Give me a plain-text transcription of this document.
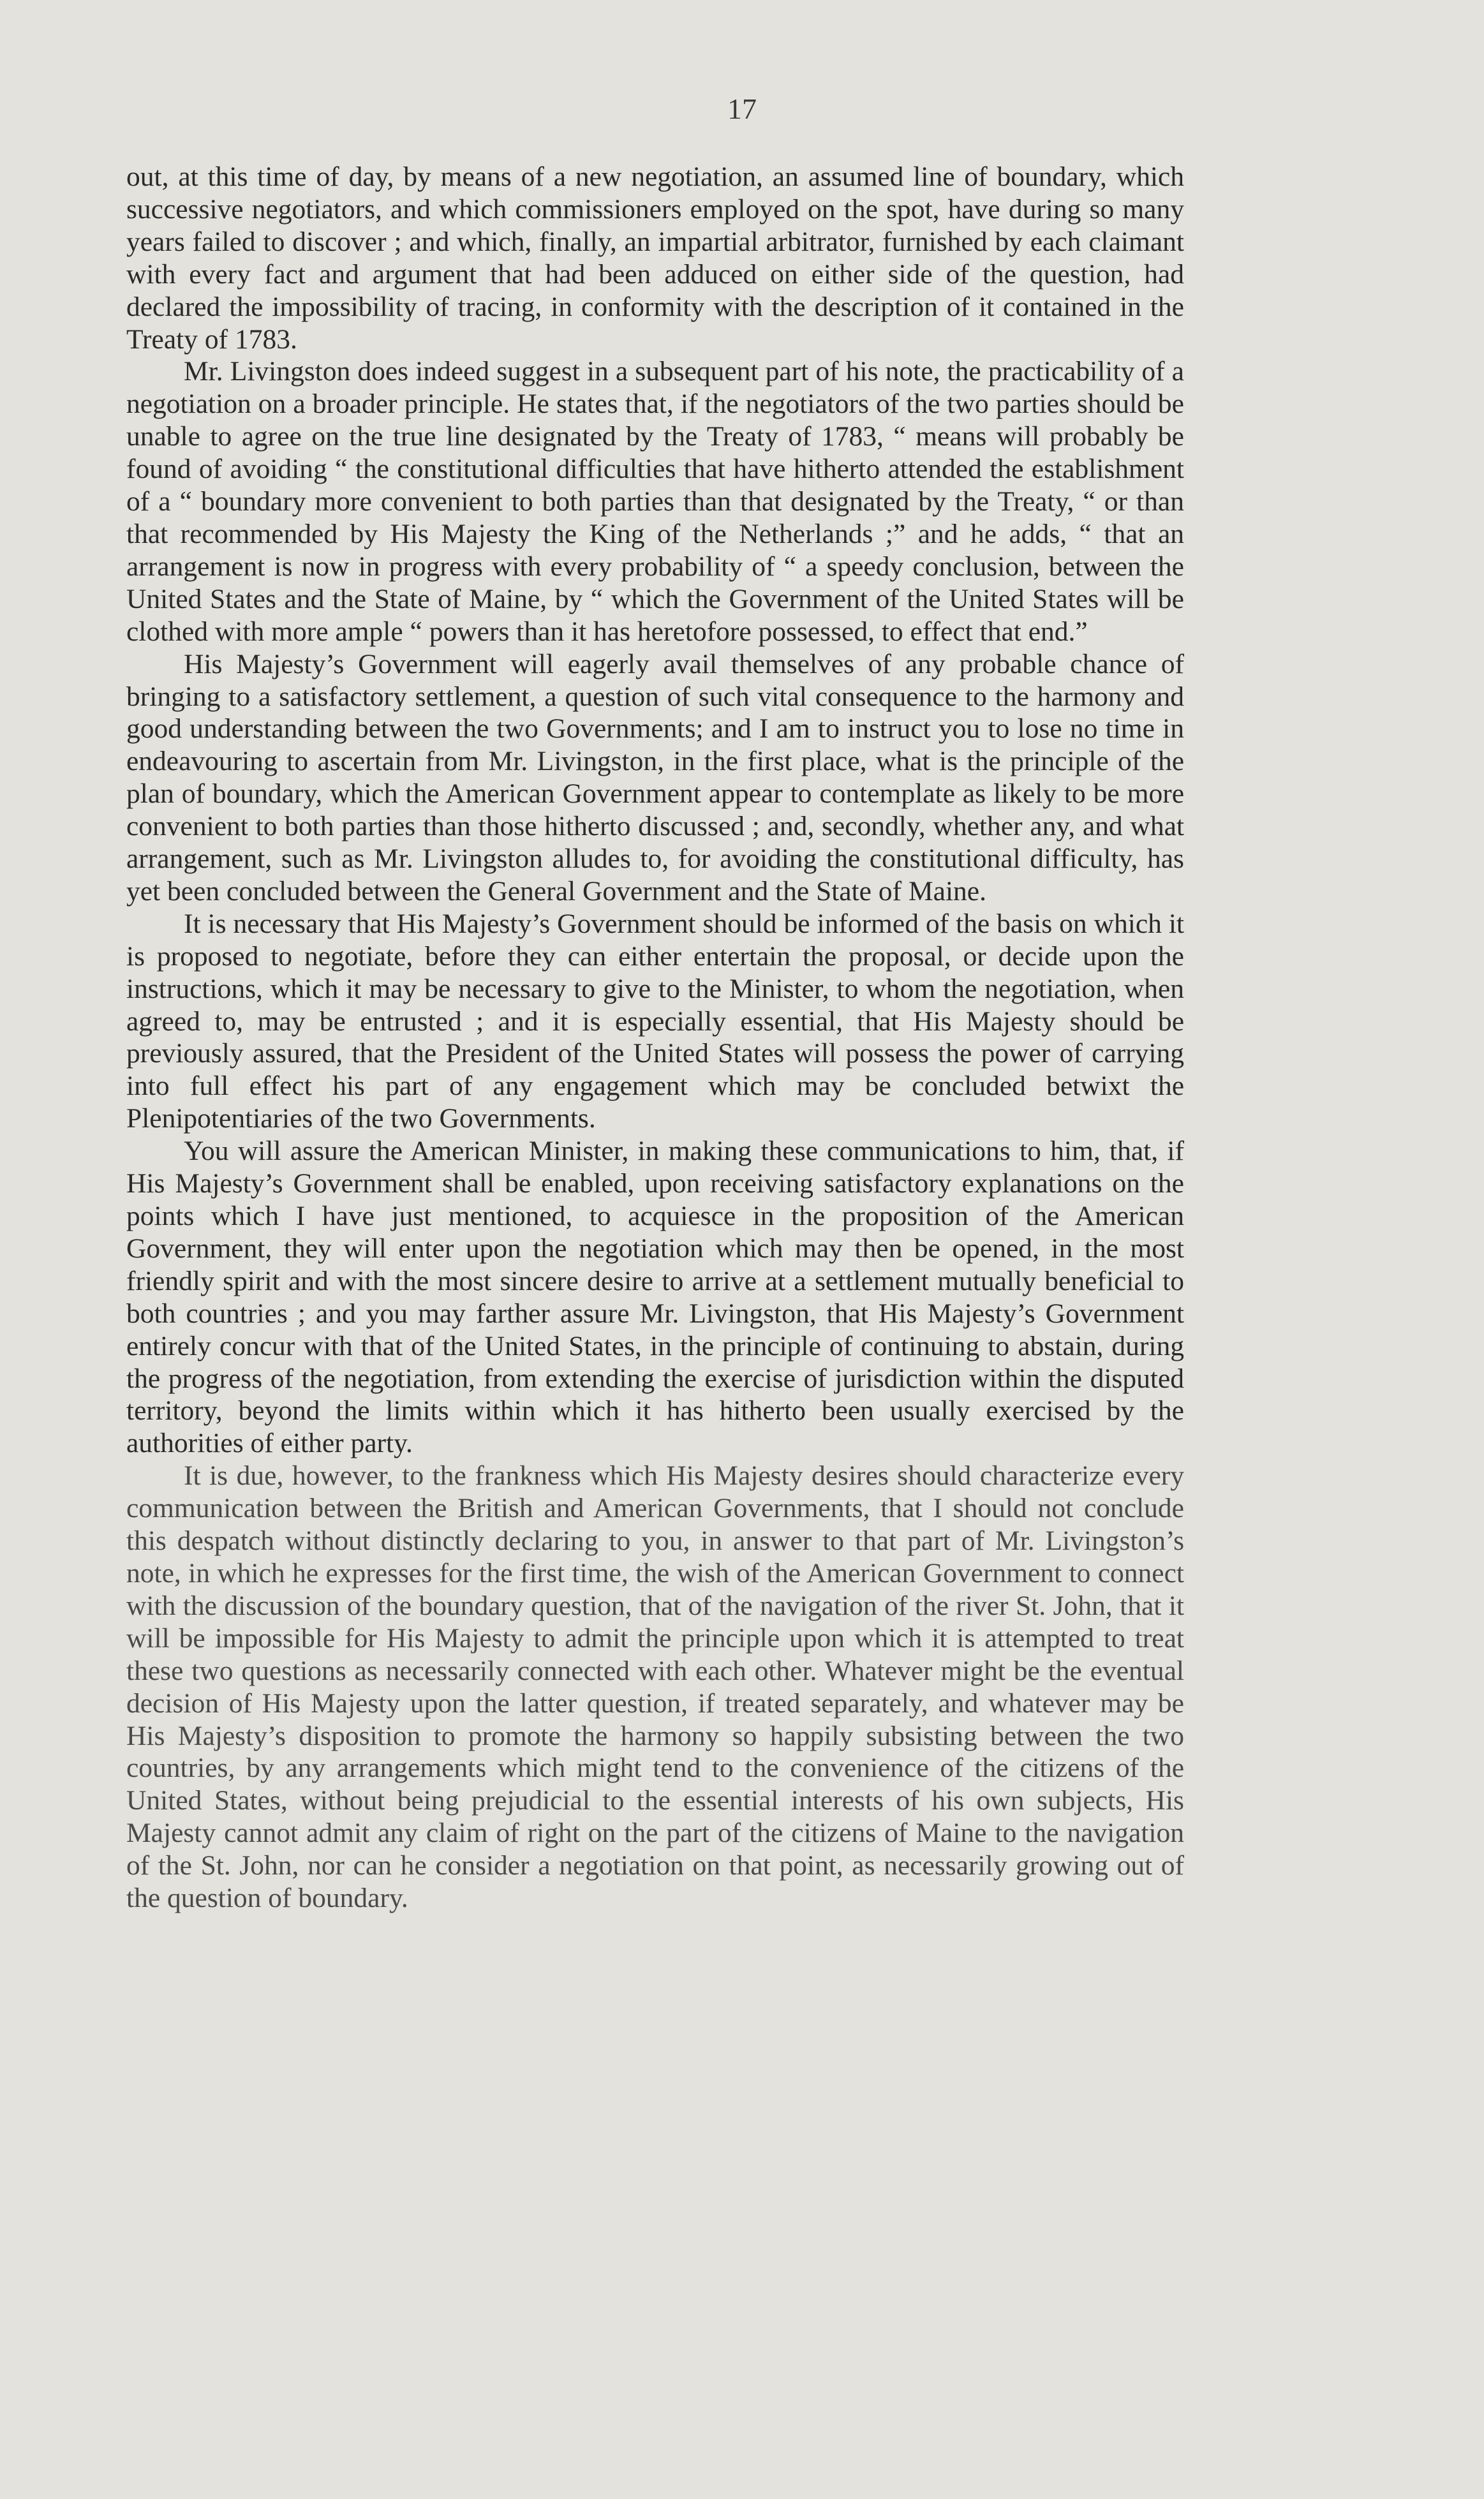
17

out, at this time of day, by means of a new negotiation, an assumed line of boundary, which successive negotiators, and which commissioners employed on the spot, have during so many years failed to discover ; and which, finally, an impartial arbitrator, furnished by each claimant with every fact and argument that had been adduced on either side of the question, had declared the impossibility of tracing, in conformity with the description of it contained in the Treaty of 1783.

Mr. Livingston does indeed suggest in a subsequent part of his note, the practicability of a negotiation on a broader principle. He states that, if the negotiators of the two parties should be unable to agree on the true line designated by the Treaty of 1783, “ means will probably be found of avoiding “ the constitutional difficulties that have hitherto attended the establishment of a “ boundary more convenient to both parties than that designated by the Treaty, “ or than that recommended by His Majesty the King of the Netherlands ;” and he adds, “ that an arrangement is now in progress with every probability of “ a speedy conclusion, between the United States and the State of Maine, by “ which the Government of the United States will be clothed with more ample “ powers than it has heretofore possessed, to effect that end.”

His Majesty’s Government will eagerly avail themselves of any probable chance of bringing to a satisfactory settlement, a question of such vital consequence to the harmony and good understanding between the two Governments; and I am to instruct you to lose no time in endeavouring to ascertain from Mr. Livingston, in the first place, what is the principle of the plan of boundary, which the American Government appear to contemplate as likely to be more convenient to both parties than those hitherto discussed ; and, secondly, whether any, and what arrangement, such as Mr. Livingston alludes to, for avoiding the constitutional difficulty, has yet been concluded between the General Government and the State of Maine.

It is necessary that His Majesty’s Government should be informed of the basis on which it is proposed to negotiate, before they can either entertain the proposal, or decide upon the instructions, which it may be necessary to give to the Minister, to whom the negotiation, when agreed to, may be entrusted ; and it is especially essential, that His Majesty should be previously assured, that the President of the United States will possess the power of carrying into full effect his part of any engagement which may be concluded betwixt the Plenipotentiaries of the two Governments.

You will assure the American Minister, in making these communications to him, that, if His Majesty’s Government shall be enabled, upon receiving satisfactory explanations on the points which I have just mentioned, to acquiesce in the proposition of the American Government, they will enter upon the negotiation which may then be opened, in the most friendly spirit and with the most sincere desire to arrive at a settlement mutually beneficial to both countries ; and you may farther assure Mr. Livingston, that His Majesty’s Government entirely concur with that of the United States, in the principle of continuing to abstain, during the progress of the negotiation, from extending the exercise of jurisdiction within the disputed territory, beyond the limits within which it has hitherto been usually exercised by the authorities of either party.

It is due, however, to the frankness which His Majesty desires should characterize every communication between the British and American Governments, that I should not conclude this despatch without distinctly declaring to you, in answer to that part of Mr. Livingston’s note, in which he expresses for the first time, the wish of the American Government to connect with the discussion of the boundary question, that of the navigation of the river St. John, that it will be impossible for His Majesty to admit the principle upon which it is attempted to treat these two questions as necessarily connected with each other. Whatever might be the eventual decision of His Majesty upon the latter question, if treated separately, and whatever may be His Majesty’s disposition to promote the harmony so happily subsisting between the two countries, by any arrangements which might tend to the convenience of the citizens of the United States, without being prejudicial to the essential interests of his own subjects, His Majesty cannot admit any claim of right on the part of the citizens of Maine to the navigation of the St. John, nor can he consider a negotiation on that point, as necessarily growing out of the question of boundary.
